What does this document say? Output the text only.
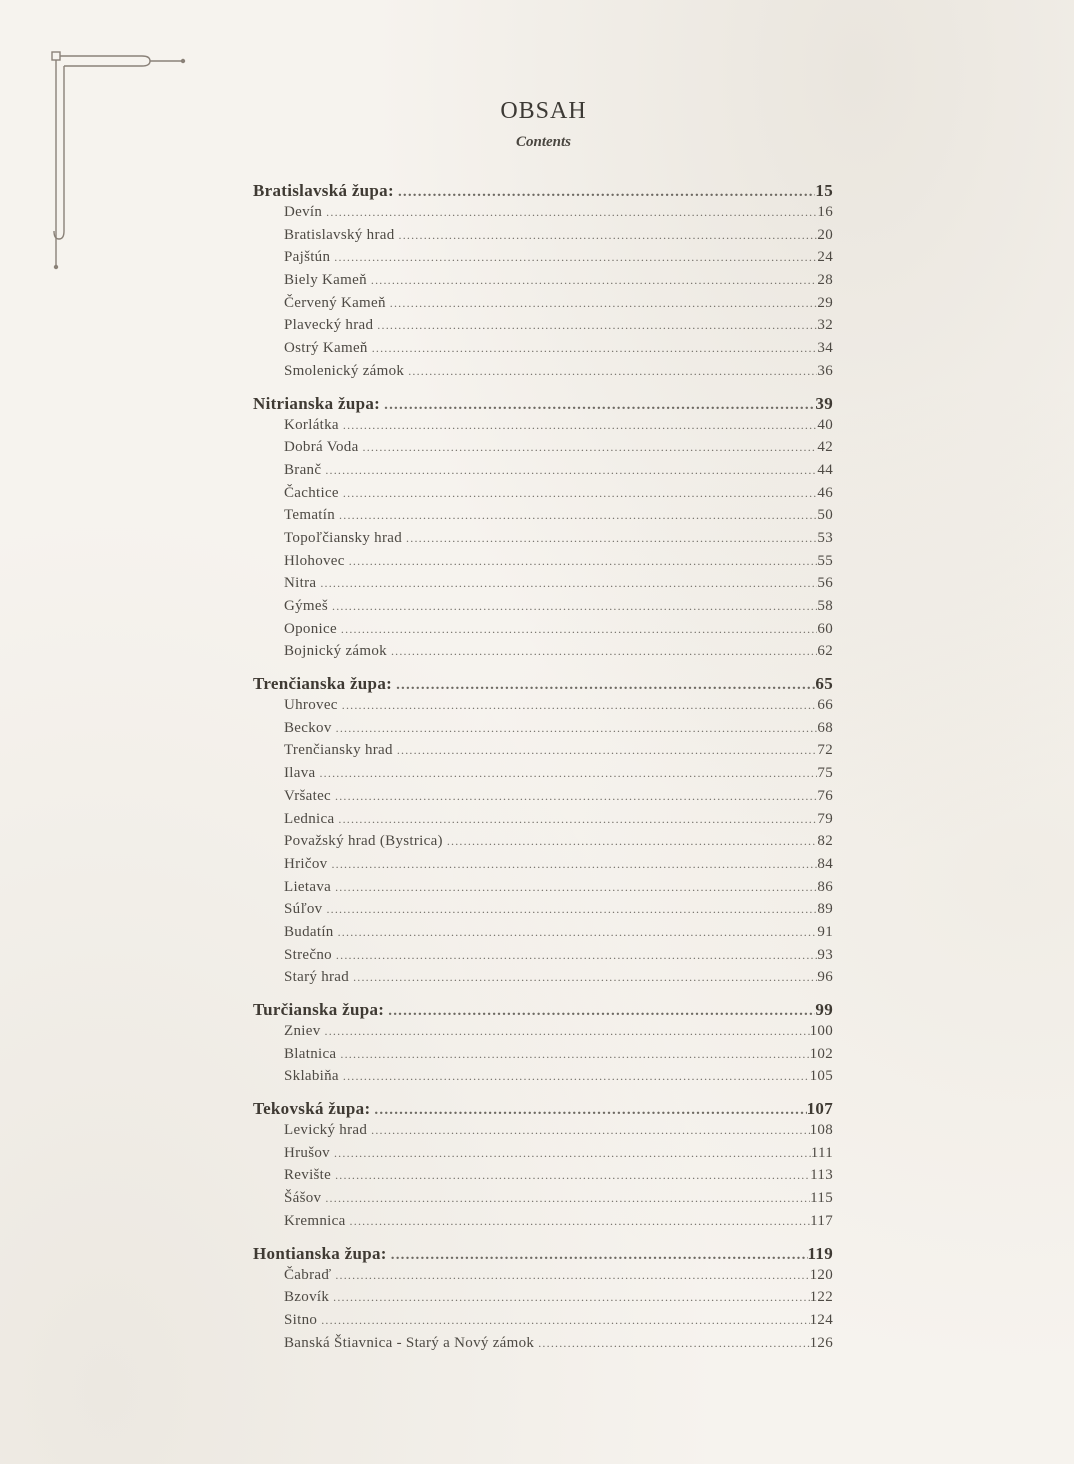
OBSAH
Contents
Bratislavská župa: .....	15
Devín .....	16
Bratislavský hrad .....	20
Pajštún .....	24
Biely Kameň .....	28
Červený Kameň .....	29
Plavecký hrad .....	32
Ostrý Kameň .....	34
Smolenický zámok .....	36
Nitrianska župa: .....	39
Korlátka .....	40
Dobrá Voda .....	42
Branč .....	44
Čachtice .....	46
Tematín .....	50
Topoľčiansky hrad .....	53
Hlohovec .....	55
Nitra .....	56
Gýmeš .....	58
Oponice .....	60
Bojnický zámok .....	62
Trenčianska župa: .....	65
Uhrovec .....	66
Beckov .....	68
Trenčiansky hrad .....	72
Ilava .....	75
Vršatec .....	76
Lednica .....	79
Považský hrad (Bystrica) .....	82
Hričov .....	84
Lietava .....	86
Súľov .....	89
Budatín .....	91
Strečno .....	93
Starý hrad .....	96
Turčianska župa: .....	99
Zniev .....	100
Blatnica .....	102
Sklabiňa .....	105
Tekovská župa: .....	107
Levický hrad .....	108
Hrušov .....	111
Revište .....	113
Šášov .....	115
Kremnica .....	117
Hontianska župa: .....	119
Čabraď .....	120
Bzovík .....	122
Sitno .....	124
Banská Štiavnica - Starý a Nový zámok .....	126
